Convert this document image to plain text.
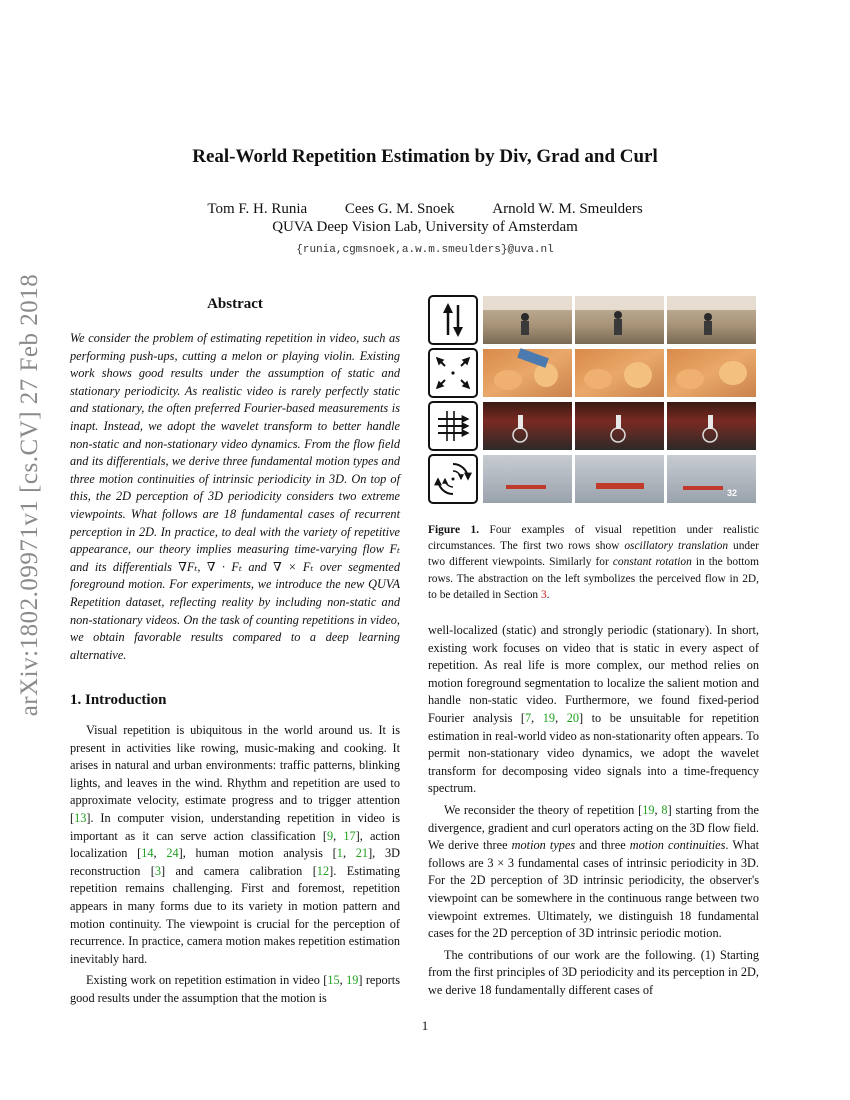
arXiv:1802.09971v1 [cs.CV] 27 Feb 2018
Real-World Repetition Estimation by Div, Grad and Curl
Tom F. H. Runia	Cees G. M. Snoek	Arnold W. M. Smeulders
QUVA Deep Vision Lab, University of Amsterdam
{runia,cgmsnoek,a.w.m.smeulders}@uva.nl
Abstract
We consider the problem of estimating repetition in video, such as performing push-ups, cutting a melon or playing violin. Existing work shows good results under the assumption of static and stationary periodicity. As realistic video is rarely perfectly static and stationary, the often preferred Fourier-based measurements is inapt. Instead, we adopt the wavelet transform to better handle non-static and non-stationary video dynamics. From the flow field and its differentials, we derive three fundamental motion types and three motion continuities of intrinsic periodicity in 3D. On top of this, the 2D perception of 3D periodicity considers two extreme viewpoints. What follows are 18 fundamental cases of recurrent perception in 2D. In practice, to deal with the variety of repetitive appearance, our theory implies measuring time-varying flow Fₜ and its differentials ∇Fₜ, ∇ · Fₜ and ∇ × Fₜ over segmented foreground motion. For experiments, we introduce the new QUVA Repetition dataset, reflecting reality by including non-static and non-stationary videos. On the task of counting repetitions in video, we obtain favorable results compared to a deep learning alternative.
1. Introduction

Visual repetition is ubiquitous in the world around us. It is present in activities like rowing, music-making and cooking. It arises in natural and urban environments: traffic patterns, blinking lights, and leaves in the wind. Rhythm and repetition are used to approximate velocity, estimate progress and to trigger attention [13]. In computer vision, understanding repetition in video is important as it can serve action classification [9, 17], action localization [14, 24], human motion analysis [1, 21], 3D reconstruction [3] and camera calibration [12]. Estimating repetition remains challenging. First and foremost, repetition appears in many forms due to its variety in motion pattern and motion continuity. The viewpoint is crucial for the perception of recurrence. In practice, camera motion makes repetition estimation inevitably hard.

Existing work on repetition estimation in video [15, 19] reports good results under the assumption that the motion is

32
Figure 1. Four examples of visual repetition under realistic circumstances. The first two rows show oscillatory translation under two different viewpoints. Similarly for constant rotation in the bottom rows. The abstraction on the left symbolizes the perceived flow in 2D, to be detailed in Section 3.

well-localized (static) and strongly periodic (stationary). In short, existing work focuses on video that is static in every aspect of repetition. As real life is more complex, our method relies on motion foreground segmentation to localize the salient motion and handle non-static video. Furthermore, we found fixed-period Fourier analysis [7, 19, 20] to be unsuitable for repetition estimation in real-world video as non-stationarity often appears. To permit non-stationary video dynamics, we adopt the wavelet transform for decomposing video signals into a time-frequency spectrum.

We reconsider the theory of repetition [19, 8] starting from the divergence, gradient and curl operators acting on the 3D flow field. We derive three motion types and three motion continuities. What follows are 3 × 3 fundamental cases of intrinsic periodicity in 3D. For the 2D perception of 3D intrinsic periodicity, the observer's viewpoint can be somewhere in the continuous range between two viewpoint extremes. Ultimately, we distinguish 18 fundamental cases for the 2D perception of 3D intrinsic periodic motion.

The contributions of our work are the following. (1) Starting from the first principles of 3D periodicity and its perception in 2D, we derive 18 fundamentally different cases of

1
